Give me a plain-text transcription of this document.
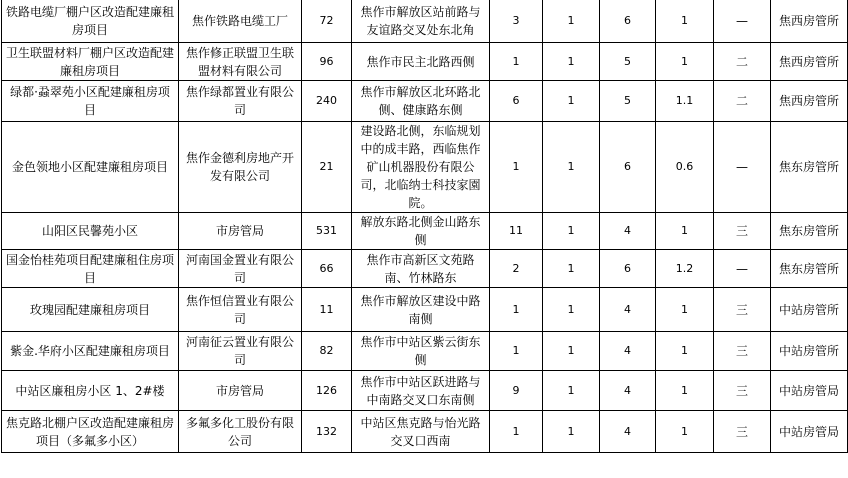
铁路电缆厂棚户区改造配建廉租房项目	焦作铁路电缆工厂	72	焦作市解放区站前路与友谊路交叉处东北角	3	1	6	1	—	焦西房管所
卫生联盟材料厂棚户区改造配建廉租房项目	焦作修正联盟卫生联盟材料有限公司	96	焦作市民主北路西侧	1	1	5	1	二	焦西房管所
绿都·蝨翠苑小区配建廉租房项目	焦作绿都置业有限公司	240	焦作市解放区北环路北侧、健康路东侧	6	1	5	1.1	二	焦西房管所
金色领地小区配建廉租房项目	焦作金德利房地产开发有限公司	21	建设路北侧，东临规划中的成丰路，西临焦作矿山机器股份有限公司，北临纳士科技家園院。	1	1	6	0.6	—	焦东房管所
山阳区民馨苑小区	市房管局	531	解放东路北侧金山路东侧	11	1	4	1	三	焦东房管所
国金怡桂苑项目配建廉租住房项目	河南国金置业有限公司	66	焦作市高新区文苑路南、竹林路东	2	1	6	1.2	—	焦东房管所
玫瑰园配建廉租房项目	焦作恒信置业有限公司	11	焦作市解放区建设中路南侧	1	1	4	1	三	中站房管所
紫金.华府小区配建廉租房项目	河南征云置业有限公司	82	焦作市中站区紫云街东侧	1	1	4	1	三	中站房管所
中站区廉租房小区 1、2#楼	市房管局	126	焦作市中站区跃进路与中南路交叉口东南侧	9	1	4	1	三	中站房管局
焦克路北棚户区改造配建廉租房项目（多氟多小区）	多氟多化工股份有限公司	132	中站区焦克路与怡光路交叉口西南	1	1	4	1	三	中站房管局
